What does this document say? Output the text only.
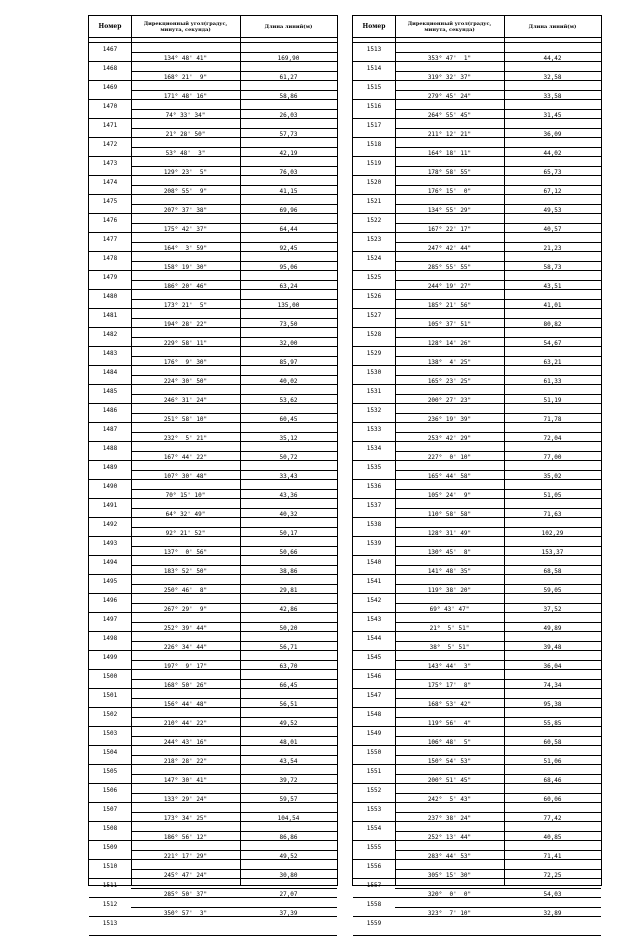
Номер	Дирекционный угол(градус, минута, секунда)	Длина линий(м)
1467
134° 48' 41"	169,90
1468
168° 21'  9"	61,27
1469
171° 48' 16"	58,86
1470
74° 33' 34"	26,03
1471
21° 28' 50"	57,73
1472
53° 48'  3"	42,19
1473
129° 23'  5"	76,03
1474
208° 55'  9"	41,15
1475
207° 37' 38"	69,96
1476
175° 42' 37"	64,44
1477
164°  3' 59"	92,45
1478
158° 19' 30"	95,06
1479
186° 20' 46"	63,24
1480
173° 21'  5"	135,00
1481
194° 28' 22"	73,50
1482
229° 58' 11"	32,00
1483
176°  9' 30"	85,97
1484
224° 30' 50"	40,02
1485
246° 31' 24"	53,62
1486
251° 58' 10"	60,45
1487
232°  5' 21"	35,12
1488
167° 44' 22"	50,72
1489
107° 30' 48"	33,43
1490
70° 15' 10"	43,36
1491
64° 32' 49"	40,32
1492
92° 21' 52"	50,17
1493
137°  0' 56"	50,66
1494
183° 52' 50"	38,86
1495
250° 46'  8"	29,81
1496
267° 29'  9"	42,86
1497
252° 39' 44"	50,20
1498
226° 34' 44"	56,71
1499
197°  9' 17"	63,70
1500
168° 50' 26"	66,45
1501
156° 44' 48"	56,51
1502
210° 44' 22"	49,52
1503
244° 43' 16"	48,01
1504
218° 28' 22"	43,54
1505
147° 30' 41"	39,72
1506
133° 29' 24"	59,57
1507
173° 34' 25"	104,54
1508
186° 56' 12"	86,86
1509
221° 17' 29"	49,52
1510
245° 47' 24"	30,80
1511
285° 50' 37"	27,07
1512
350° 57'  3"	37,39
1513
Номер	Дирекционный угол(градус, минута, секунда)	Длина линий(м)
1513
353° 47'  1"	44,42
1514
319° 32' 37"	32,58
1515
279° 45' 24"	33,58
1516
264° 55' 45"	31,45
1517
211° 12' 21"	36,09
1518
164° 18' 11"	44,02
1519
178° 58' 55"	65,73
1520
176° 15'  0"	67,12
1521
134° 55' 29"	49,53
1522
167° 22' 17"	40,57
1523
247° 42' 44"	21,23
1524
285° 55' 55"	58,73
1525
244° 19' 27"	43,51
1526
185° 21' 56"	41,01
1527
105° 37' 51"	80,82
1528
128° 14' 26"	54,67
1529
138°  4' 25"	63,21
1530
165° 23' 25"	61,33
1531
200° 27' 23"	51,19
1532
236° 19' 39"	71,78
1533
253° 42' 29"	72,04
1534
227°  0' 10"	77,00
1535
165° 44' 58"	35,02
1536
105° 24'  9"	51,05
1537
110° 58' 58"	71,63
1538
128° 31' 49"	102,29
1539
130° 45'  8"	153,37
1540
141° 48' 35"	68,58
1541
119° 38' 20"	59,05
1542
69° 43' 47"	37,52
1543
21°  5' 51"	49,89
1544
38°  5' 51"	39,48
1545
143° 44'  3"	36,04
1546
175° 17'  8"	74,34
1547
168° 53' 42"	95,38
1548
119° 56'  4"	55,85
1549
106° 48'  5"	60,58
1550
150° 54' 53"	51,06
1551
200° 51' 45"	68,46
1552
242°  5' 43"	60,06
1553
237° 38' 24"	77,42
1554
252° 13' 44"	40,85
1555
283° 44' 53"	71,41
1556
305° 15' 30"	72,25
1557
320°  0'  0"	54,03
1558
323°  7' 10"	32,89
1559
